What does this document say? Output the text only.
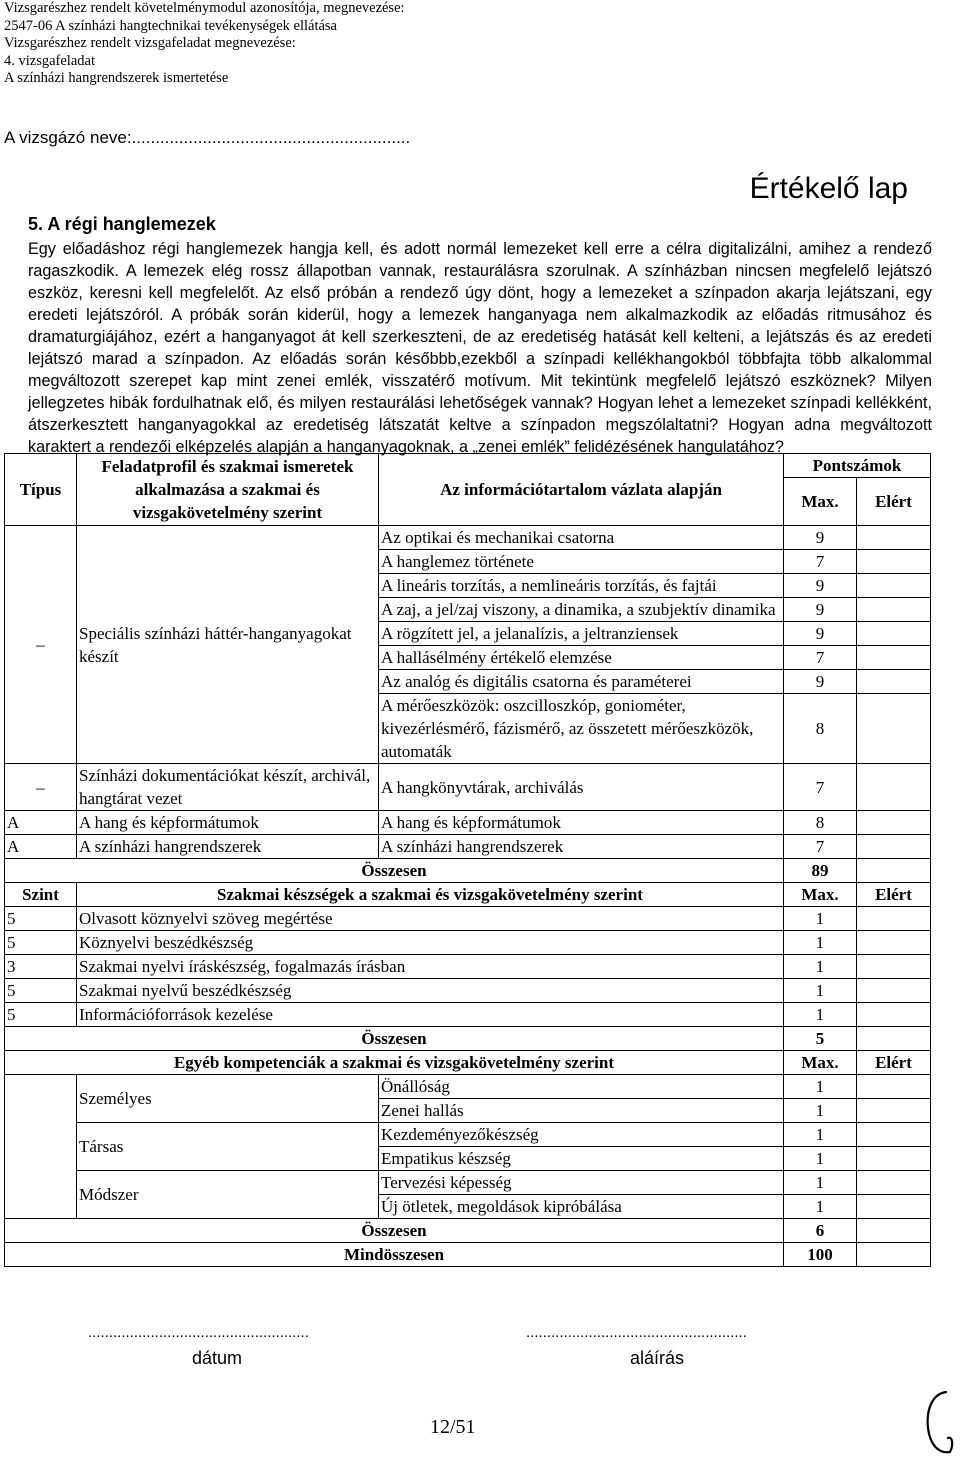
Vizsgarészhez rendelt követelménymodul azonosítója, megnevezése:
2547-06 A színházi hangtechnikai tevékenységek ellátása
Vizsgarészhez rendelt vizsgafeladat megnevezése:
4. vizsgafeladat
A színházi hangrendszerek ismertetése
A vizsgázó neve:...........................................................
Értékelő lap
5. A régi hanglemezek
Egy előadáshoz régi hanglemezek hangja kell, és adott normál lemezeket kell erre a célra digitalizálni, amihez a rendező ragaszkodik. A lemezek elég rossz állapotban vannak, restaurálásra szorulnak. A színházban nincsen megfelelő lejátszó eszköz, keresni kell megfelelőt. Az első próbán a rendező úgy dönt, hogy a lemezeket a színpadon akarja lejátszani, egy eredeti lejátszóról. A próbák során kiderül, hogy a lemezek hanganyaga nem alkalmazkodik az előadás ritmusához és dramaturgiájához, ezért a hanganyagot át kell szerkeszteni, de az eredetiség hatását kell kelteni, a lejátszás és az eredeti lejátszó marad a színpadon. Az előadás során későbbb,ezekből a színpadi kellékhangokból többfajta több alkalommal megváltozott szerepet kap mint zenei emlék, visszatérő motívum. Mit tekintünk megfelelő lejátszó eszköznek? Milyen jellegzetes hibák fordulhatnak elő, és milyen restaurálási lehetőségek vannak? Hogyan lehet a lemezeket színpadi kellékként, átszerkesztett hanganyagokkal az eredetiség látszatát keltve a színpadon megszólaltatni? Hogyan adna megváltozott karaktert a rendezői elképzelés alapján a hanganyagoknak, a „zenei emlék” felidézésének hangulatához?
Típus	Feladatprofil és szakmai ismeretek alkalmazása a szakmai és vizsgakövetelmény szerint	Az információtartalom vázlata alapján	Pontszámok	
			Max.	Elért

–	Speciális színházi háttér-hanganyagokat készít	Az optikai és mechanikai csatorna	9	
		A hanglemez története	7	
		A lineáris torzítás, a nemlineáris torzítás, és fajtái	9	
		A zaj, a jel/zaj viszony, a dinamika, a szubjektív dinamika	9	
		A rögzített jel, a jelanalízis, a jeltranziensek	9	
		A hallásélmény értékelő elemzése	7	
		Az analóg és digitális csatorna és paraméterei	9	
		A mérőeszközök: oszcilloszkóp, goniométer, kivezérlésmérő, fázismérő, az összetett mérőeszközök, automaták	8	
–	Színházi dokumentációkat készít, archivál, hangtárat vezet	A hangkönyvtárak, archiválás	7	
A	A hang és képformátumok	A hang és képformátumok	8	
A	A színházi hangrendszerek	A színházi hangrendszerek	7	
Összesen			89	
Szint	Szakmai készségek a szakmai és vizsgakövetelmény szerint		Max.	Elért
5	Olvasott köznyelvi szöveg megértése		1	
5	Köznyelvi beszédkészség		1	
3	Szakmai nyelvi íráskészség, fogalmazás írásban		1	
5	Szakmai nyelvű beszédkészség		1	
5	Információforrások kezelése		1	
Összesen			5	
Egyéb kompetenciák a szakmai és vizsgakövetelmény szerint			Max.	Elért
	Személyes	Önállóság	1	
		Zenei hallás	1	
	Társas	Kezdeményezőkészség	1	
		Empatikus készség	1	
	Módszer	Tervezési képesség	1	
		Új ötletek, megoldások kipróbálása	1	
Összesen			6	
Mindösszesen			100	
.....................................................	.....................................................
dátum	aláírás
12/51
